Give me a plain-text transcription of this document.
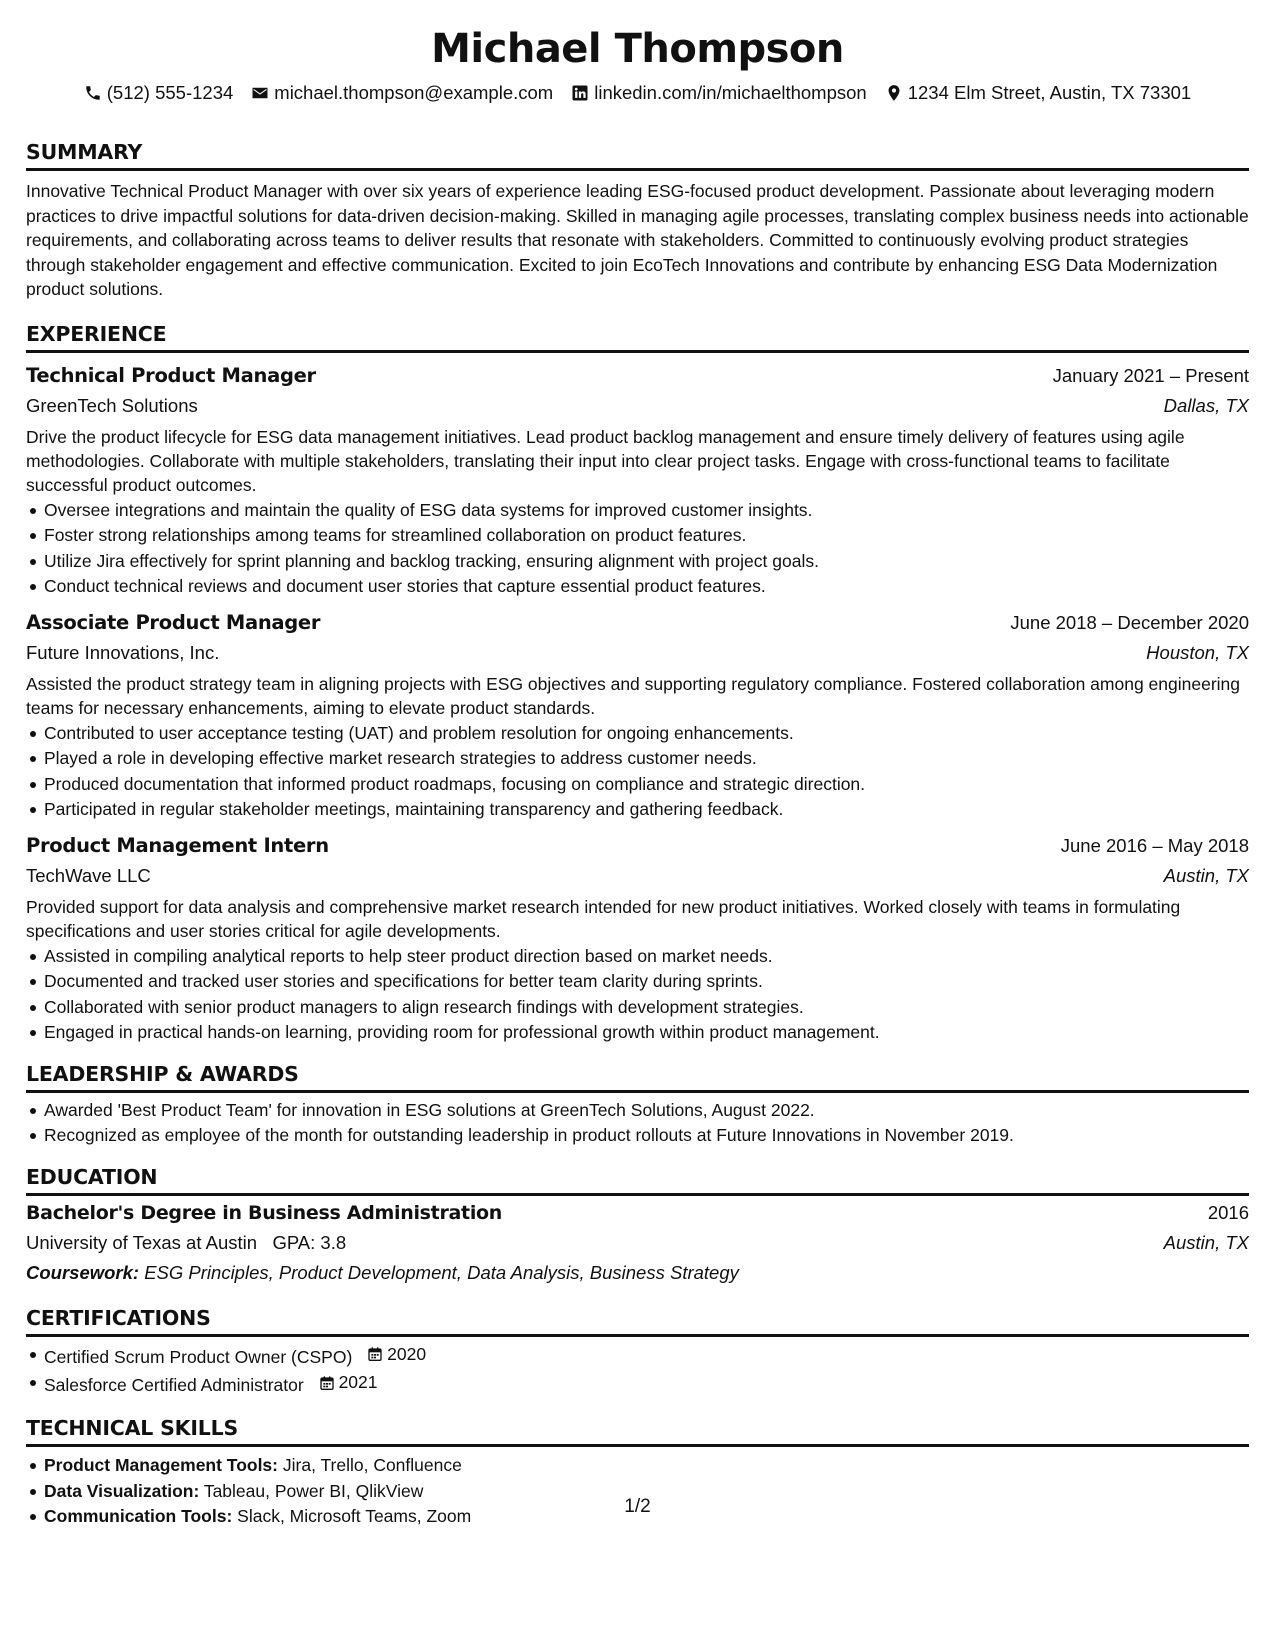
Michael Thompson
(512) 555-1234 michael.thompson@example.com linkedin.com/in/michaelthompson 1234 Elm Street, Austin, TX 73301
SUMMARY
Innovative Technical Product Manager with over six years of experience leading ESG-focused product development. Passionate about leveraging modern practices to drive impactful solutions for data-driven decision-making. Skilled in managing agile processes, translating complex business needs into actionable requirements, and collaborating across teams to deliver results that resonate with stakeholders. Committed to continuously evolving product strategies through stakeholder engagement and effective communication. Excited to join EcoTech Innovations and contribute by enhancing ESG Data Modernization product solutions.
EXPERIENCE
Technical Product Manager	January 2021 – Present
GreenTech Solutions	Dallas, TX
Drive the product lifecycle for ESG data management initiatives. Lead product backlog management and ensure timely delivery of features using agile methodologies. Collaborate with multiple stakeholders, translating their input into clear project tasks. Engage with cross-functional teams to facilitate successful product outcomes.
Oversee integrations and maintain the quality of ESG data systems for improved customer insights.
Foster strong relationships among teams for streamlined collaboration on product features.
Utilize Jira effectively for sprint planning and backlog tracking, ensuring alignment with project goals.
Conduct technical reviews and document user stories that capture essential product features.
Associate Product Manager	June 2018 – December 2020
Future Innovations, Inc.	Houston, TX
Assisted the product strategy team in aligning projects with ESG objectives and supporting regulatory compliance. Fostered collaboration among engineering teams for necessary enhancements, aiming to elevate product standards.
Contributed to user acceptance testing (UAT) and problem resolution for ongoing enhancements.
Played a role in developing effective market research strategies to address customer needs.
Produced documentation that informed product roadmaps, focusing on compliance and strategic direction.
Participated in regular stakeholder meetings, maintaining transparency and gathering feedback.
Product Management Intern	June 2016 – May 2018
TechWave LLC	Austin, TX
Provided support for data analysis and comprehensive market research intended for new product initiatives. Worked closely with teams in formulating specifications and user stories critical for agile developments.
Assisted in compiling analytical reports to help steer product direction based on market needs.
Documented and tracked user stories and specifications for better team clarity during sprints.
Collaborated with senior product managers to align research findings with development strategies.
Engaged in practical hands-on learning, providing room for professional growth within product management.
LEADERSHIP & AWARDS
Awarded 'Best Product Team' for innovation in ESG solutions at GreenTech Solutions, August 2022.
Recognized as employee of the month for outstanding leadership in product rollouts at Future Innovations in November 2019.
EDUCATION
Bachelor's Degree in Business Administration	2016
University of Texas at Austin GPA: 3.8	Austin, TX
Coursework: ESG Principles, Product Development, Data Analysis, Business Strategy
CERTIFICATIONS
Certified Scrum Product Owner (CSPO) 2020
Salesforce Certified Administrator 2021
TECHNICAL SKILLS
Product Management Tools: Jira, Trello, Confluence
Data Visualization: Tableau, Power BI, QlikView
Communication Tools: Slack, Microsoft Teams, Zoom	1/2
